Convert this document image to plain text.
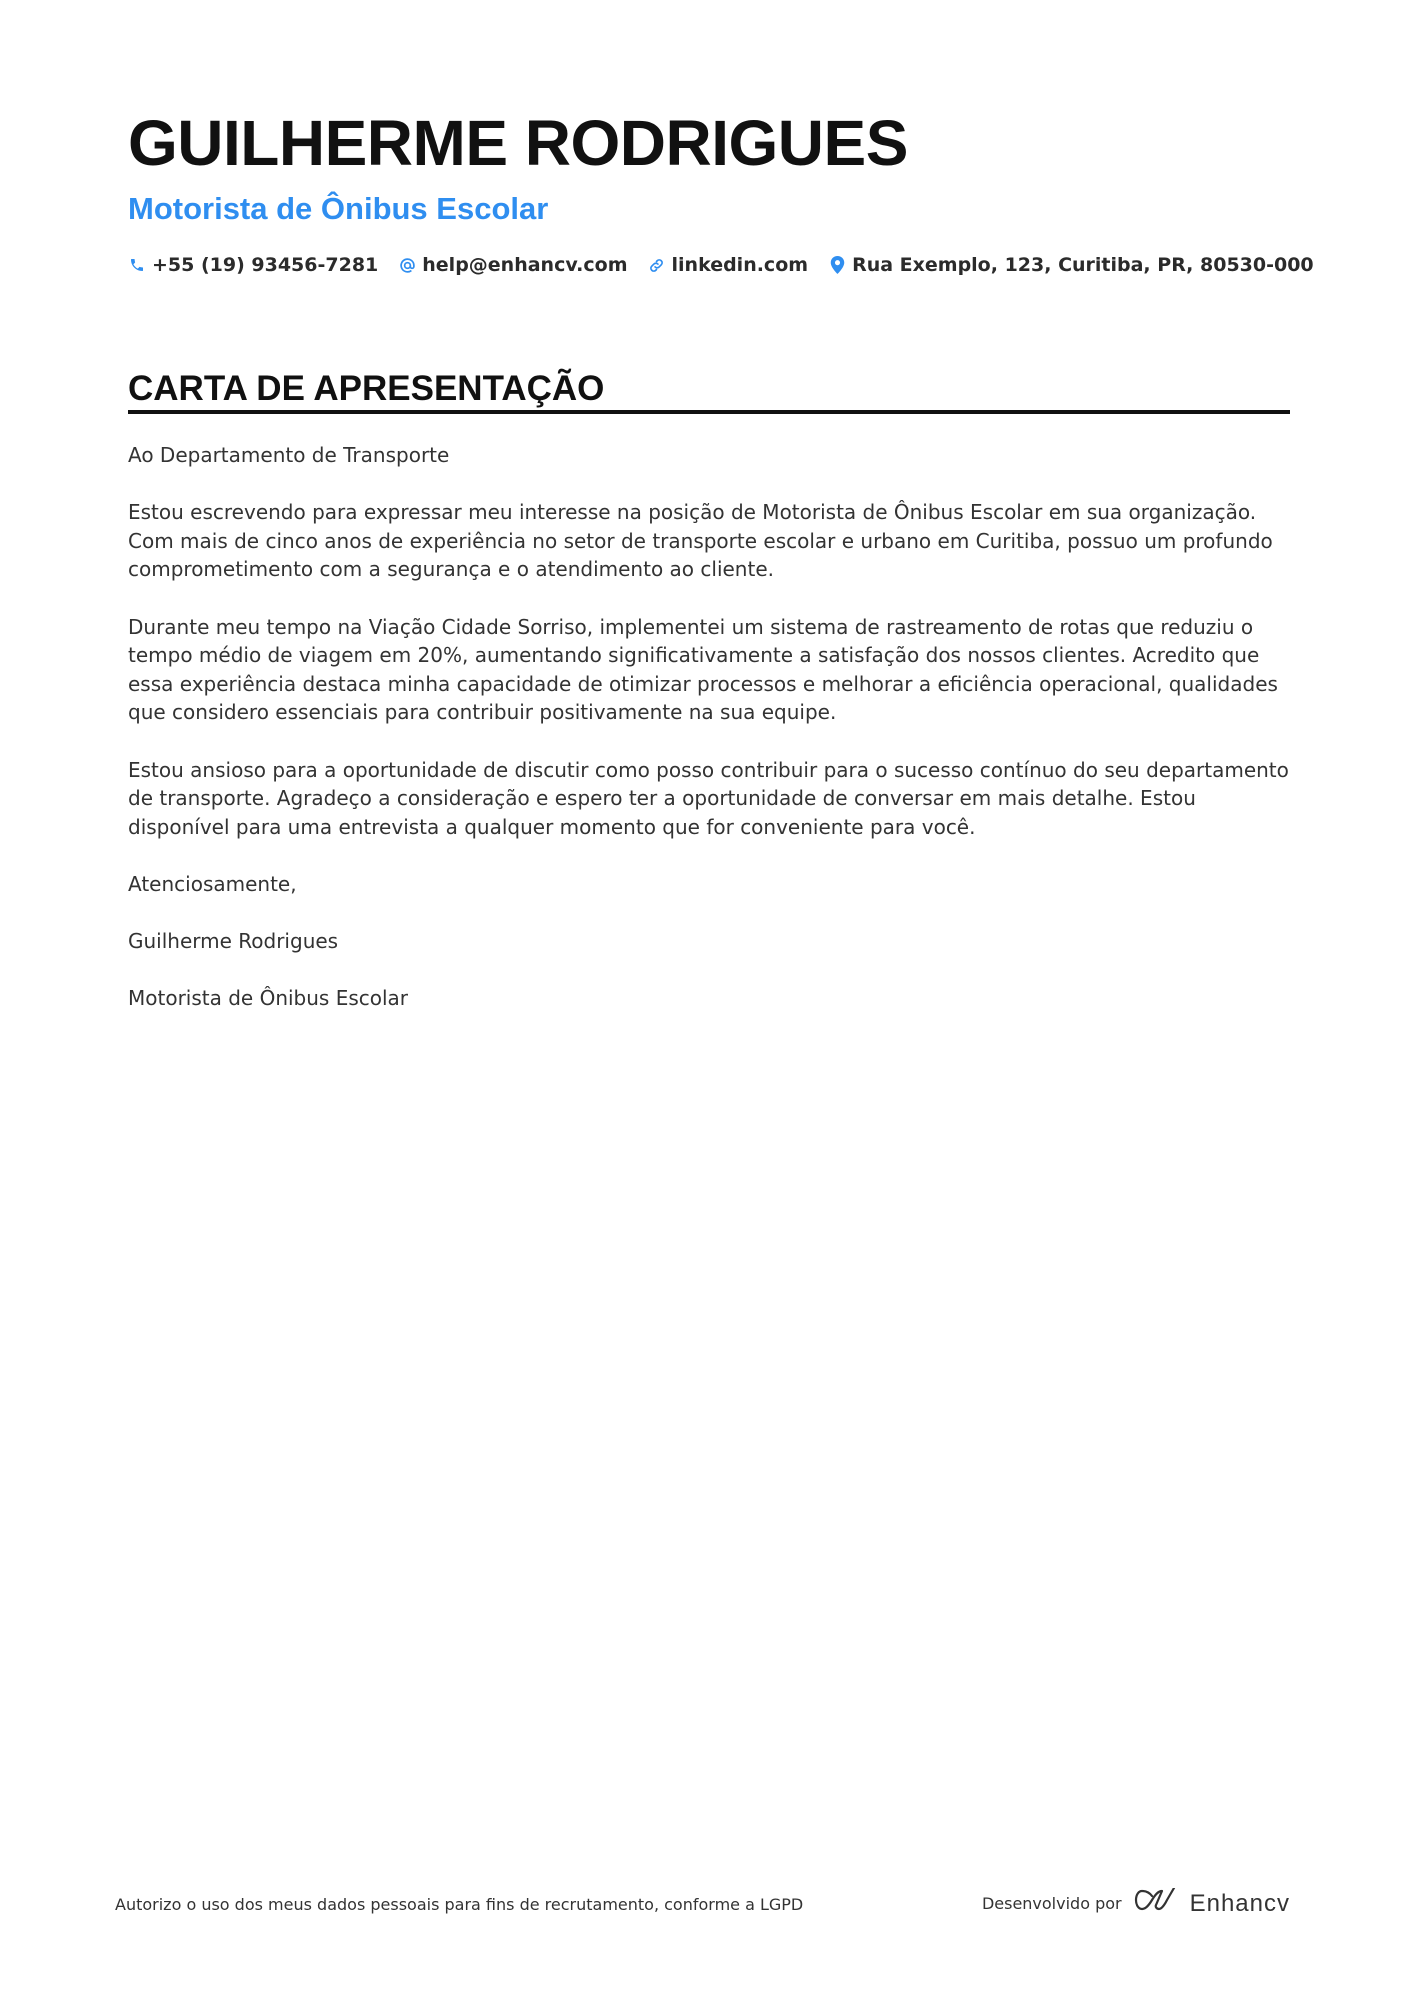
GUILHERME RODRIGUES
Motorista de Ônibus Escolar
+55 (19) 93456-7281 help@enhancv.com linkedin.com Rua Exemplo, 123, Curitiba, PR, 80530-000
CARTA DE APRESENTAÇÃO

Ao Departamento de Transporte

Estou escrevendo para expressar meu interesse na posição de Motorista de Ônibus Escolar em sua organização. Com mais de cinco anos de experiência no setor de transporte escolar e urbano em Curitiba, possuo um profundo comprometimento com a segurança e o atendimento ao cliente.

Durante meu tempo na Viação Cidade Sorriso, implementei um sistema de rastreamento de rotas que reduziu o tempo médio de viagem em 20%, aumentando significativamente a satisfação dos nossos clientes. Acredito que essa experiência destaca minha capacidade de otimizar processos e melhorar a eficiência operacional, qualidades que considero essenciais para contribuir positivamente na sua equipe.

Estou ansioso para a oportunidade de discutir como posso contribuir para o sucesso contínuo do seu departamento de transporte. Agradeço a consideração e espero ter a oportunidade de conversar em mais detalhe. Estou disponível para uma entrevista a qualquer momento que for conveniente para você.

Atenciosamente,

Guilherme Rodrigues

Motorista de Ônibus Escolar

Autorizo o uso dos meus dados pessoais para fins de recrutamento, conforme a LGPD	Desenvolvido por	Enhancv
